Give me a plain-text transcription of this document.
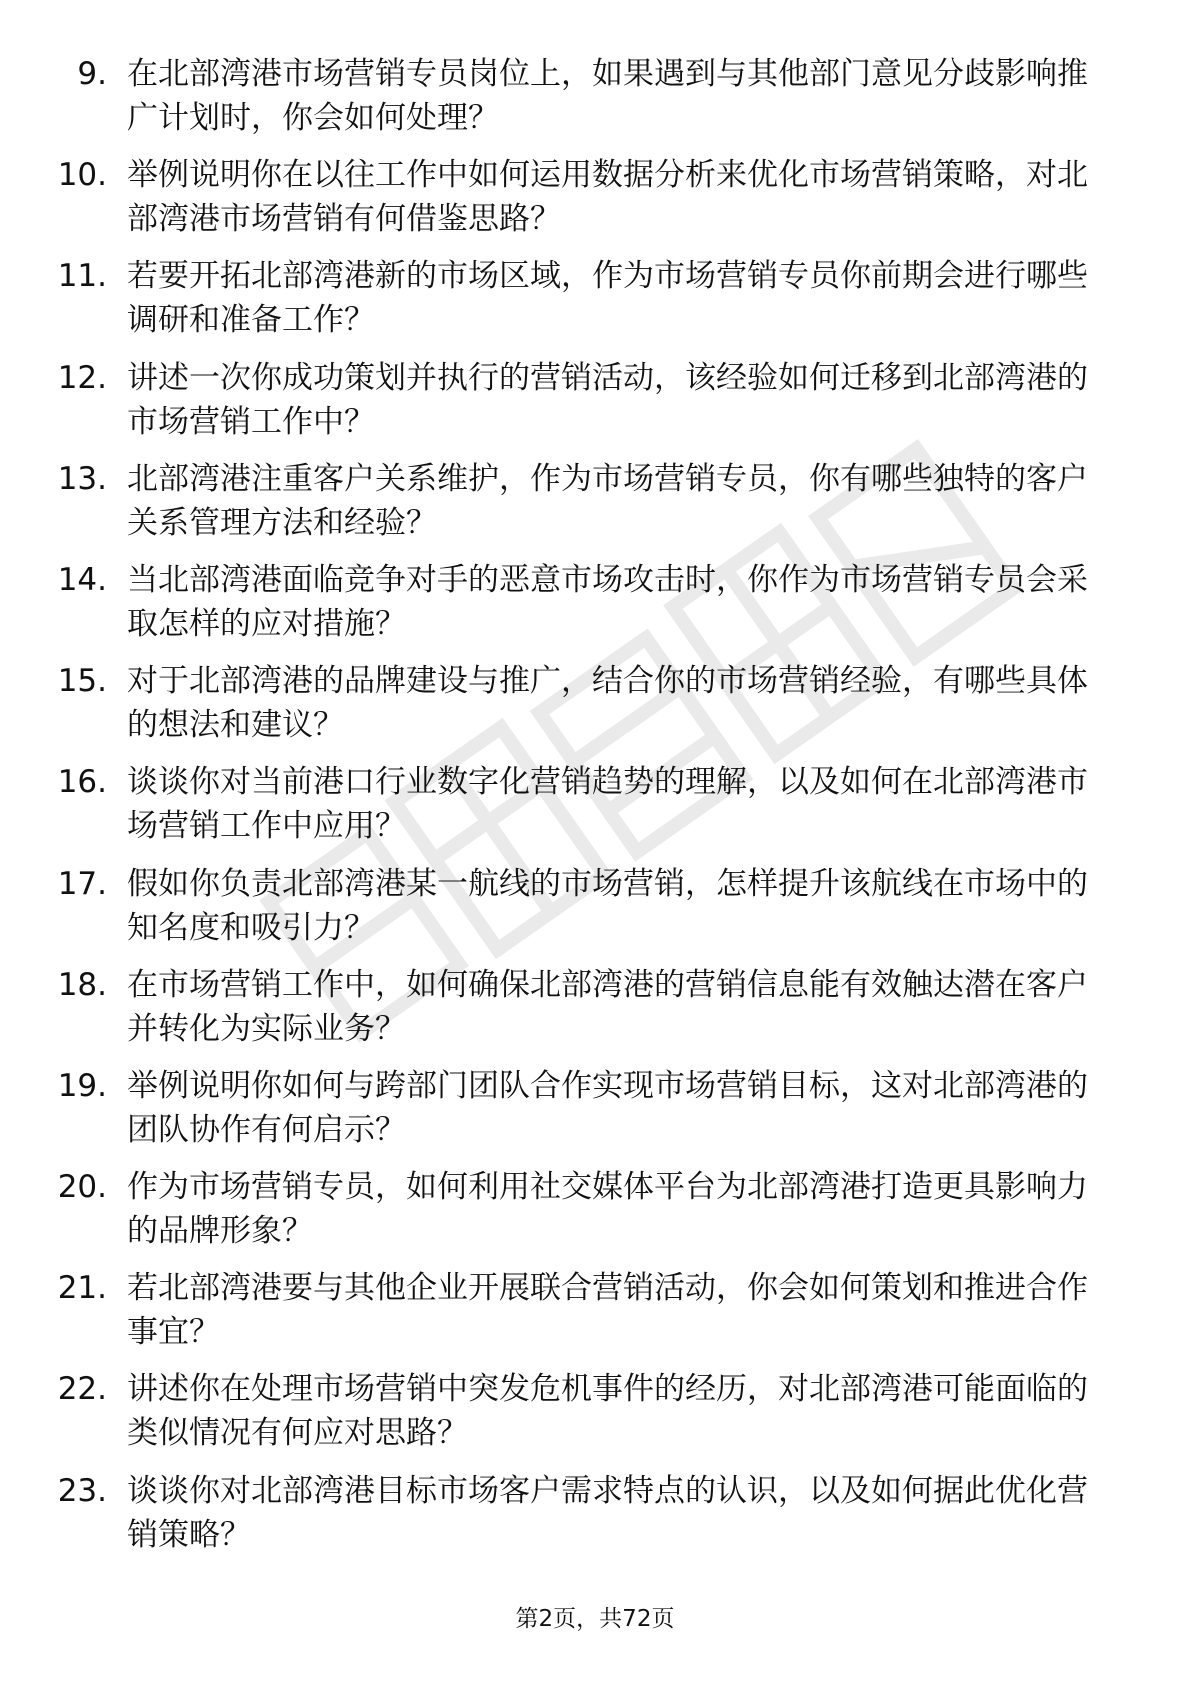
9. 在北部湾港市场营销专员岗位上，如果遇到与其他部门意见分歧影响推广计划时，你会如何处理？

10. 举例说明你在以往工作中如何运用数据分析来优化市场营销策略，对北部湾港市场营销有何借鉴思路？

11. 若要开拓北部湾港新的市场区域，作为市场营销专员你前期会进行哪些调研和准备工作？

12. 讲述一次你成功策划并执行的营销活动，该经验如何迁移到北部湾港的市场营销工作中？

13. 北部湾港注重客户关系维护，作为市场营销专员，你有哪些独特的客户关系管理方法和经验？

14. 当北部湾港面临竞争对手的恶意市场攻击时，你作为市场营销专员会采取怎样的应对措施？

15. 对于北部湾港的品牌建设与推广，结合你的市场营销经验，有哪些具体的想法和建议？

16. 谈谈你对当前港口行业数字化营销趋势的理解，以及如何在北部湾港市场营销工作中应用？

17. 假如你负责北部湾港某一航线的市场营销，怎样提升该航线在市场中的知名度和吸引力？

18. 在市场营销工作中，如何确保北部湾港的营销信息能有效触达潜在客户并转化为实际业务？

19. 举例说明你如何与跨部门团队合作实现市场营销目标，这对北部湾港的团队协作有何启示？

20. 作为市场营销专员，如何利用社交媒体平台为北部湾港打造更具影响力的品牌形象？

21. 若北部湾港要与其他企业开展联合营销活动，你会如何策划和推进合作事宜？

22. 讲述你在处理市场营销中突发危机事件的经历，对北部湾港可能面临的类似情况有何应对思路？

23. 谈谈你对北部湾港目标市场客户需求特点的认识，以及如何据此优化营销策略？

第2页，共72页
